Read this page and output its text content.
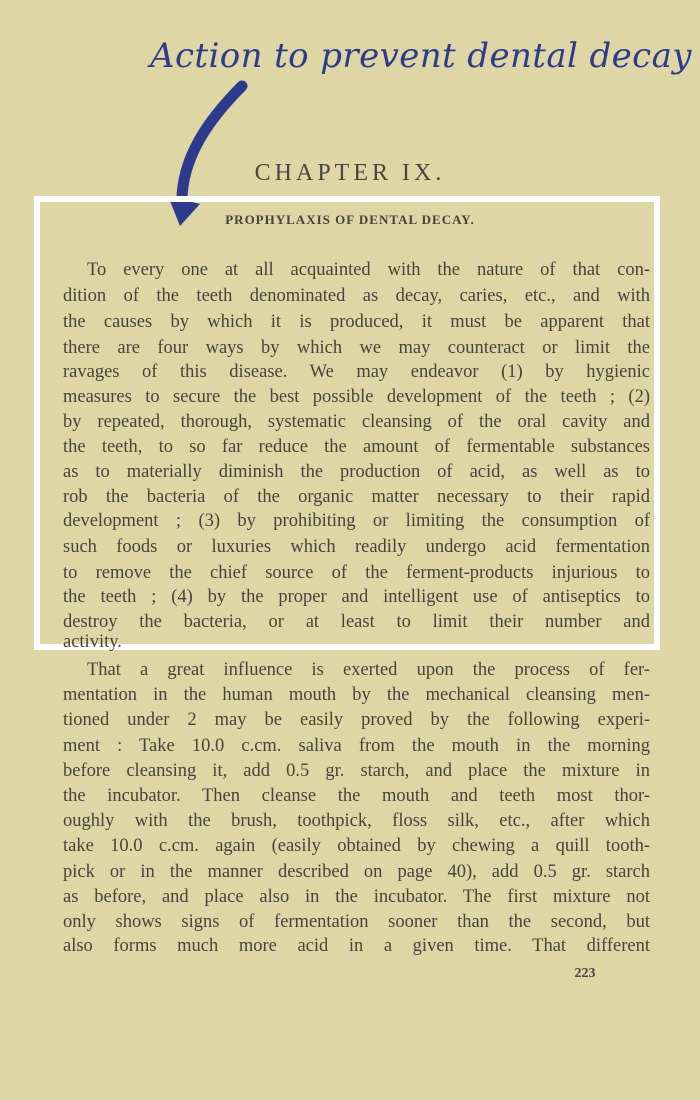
Action to prevent dental decay
CHAPTER IX.
PROPHYLAXIS OF DENTAL DECAY.
To every one at all acquainted with the nature of that con-
dition of the teeth denominated as decay, caries, etc., and with
the causes by which it is produced, it must be apparent that
there are four ways by which we may counteract or limit the
ravages of this disease. We may endeavor (1) by hygienic
measures to secure the best possible development of the teeth ; (2)
by repeated, thorough, systematic cleansing of the oral cavity and
the teeth, to so far reduce the amount of fermentable substances
as to materially diminish the production of acid, as well as to
rob the bacteria of the organic matter necessary to their rapid
development ; (3) by prohibiting or limiting the consumption of
such foods or luxuries which readily undergo acid fermentation
to remove the chief source of the ferment-products injurious to
the teeth ; (4) by the proper and intelligent use of antiseptics to
destroy the bacteria, or at least to limit their number and
activity.
That a great influence is exerted upon the process of fer-
mentation in the human mouth by the mechanical cleansing men-
tioned under 2 may be easily proved by the following experi-
ment : Take 10.0 c.cm. saliva from the mouth in the morning
before cleansing it, add 0.5 gr. starch, and place the mixture in
the incubator. Then cleanse the mouth and teeth most thor-
oughly with the brush, toothpick, floss silk, etc., after which
take 10.0 c.cm. again (easily obtained by chewing a quill tooth-
pick or in the manner described on page 40), add 0.5 gr. starch
as before, and place also in the incubator. The first mixture not
only shows signs of fermentation sooner than the second, but
also forms much more acid in a given time. That different
223
